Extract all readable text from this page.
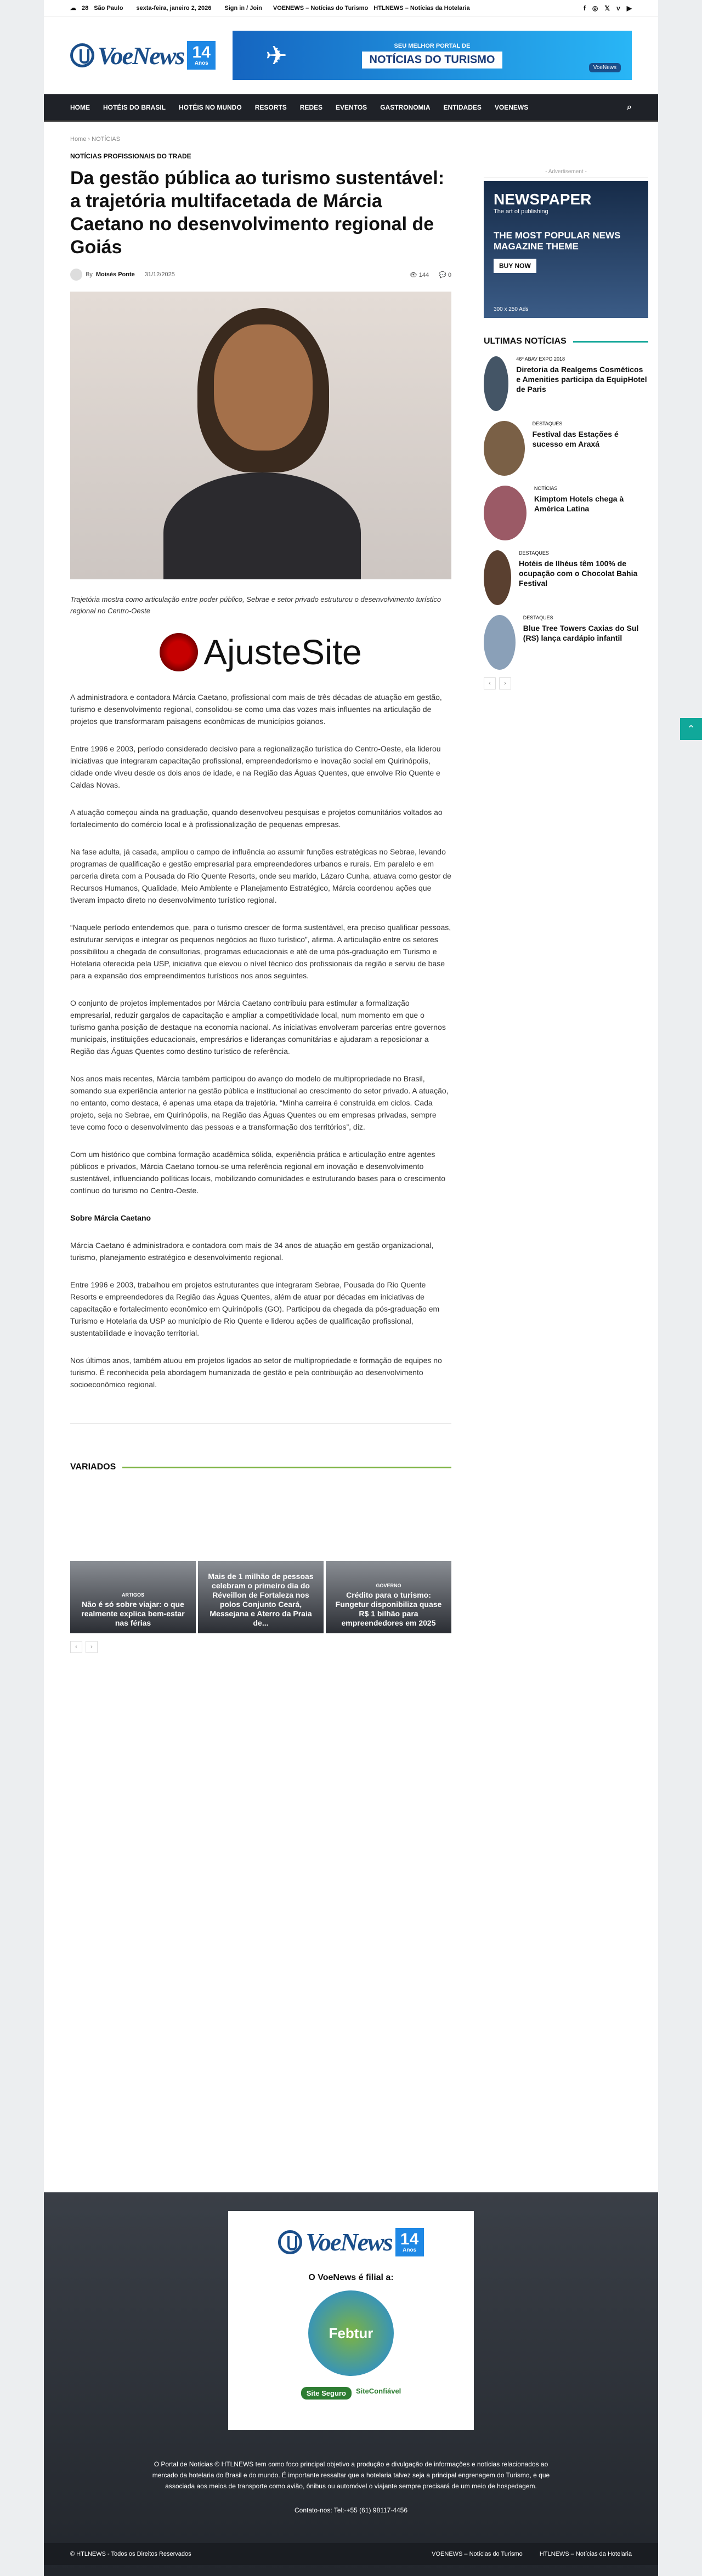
☁ 28 São Paulo sexta-feira, janeiro 2, 2026 Sign in / Join VOENEWS – Notícias do Turismo HTLNEWS – Notícias da Hotelaria	f ◎ 𝕏 v ▶
VoeNews 14
Anos ✈	SEU MELHOR PORTAL DE
NOTÍCIAS DO TURISMO
VoeNews
HOME HOTÉIS DO BRASIL HOTÉIS NO MUNDO RESORTS REDES EVENTOS GASTRONOMIA ENTIDADES VOENEWS	⌕
Home › NOTÍCIAS
NOTÍCIAS PROFISSIONAIS DO TRADE
Da gestão pública ao turismo sustentável: a trajetória multifacetada de Márcia Caetano no desenvolvimento regional de Goiás
By Moisés Ponte 31/12/2025	👁 144 💬 0
Trajetória mostra como articulação entre poder público, Sebrae e setor privado estruturou o desenvolvimento turístico regional no Centro-Oeste
AjusteSite

A administradora e contadora Márcia Caetano, profissional com mais de três décadas de atuação em gestão, turismo e desenvolvimento regional, consolidou-se como uma das vozes mais influentes na articulação de projetos que transformaram paisagens econômicas de municípios goianos.

Entre 1996 e 2003, período considerado decisivo para a regionalização turística do Centro-Oeste, ela liderou iniciativas que integraram capacitação profissional, empreendedorismo e inovação social em Quirinópolis, cidade onde viveu desde os dois anos de idade, e na Região das Águas Quentes, que envolve Rio Quente e Caldas Novas.

A atuação começou ainda na graduação, quando desenvolveu pesquisas e projetos comunitários voltados ao fortalecimento do comércio local e à profissionalização de pequenas empresas.

Na fase adulta, já casada, ampliou o campo de influência ao assumir funções estratégicas no Sebrae, levando programas de qualificação e gestão empresarial para empreendedores urbanos e rurais. Em paralelo e em parceria direta com a Pousada do Rio Quente Resorts, onde seu marido, Lázaro Cunha, atuava como gestor de Recursos Humanos, Qualidade, Meio Ambiente e Planejamento Estratégico, Márcia coordenou ações que tiveram impacto direto no desenvolvimento turístico regional.

“Naquele período entendemos que, para o turismo crescer de forma sustentável, era preciso qualificar pessoas, estruturar serviços e integrar os pequenos negócios ao fluxo turístico”, afirma. A articulação entre os setores possibilitou a chegada de consultorias, programas educacionais e até de uma pós-graduação em Turismo e Hotelaria oferecida pela USP, iniciativa que elevou o nível técnico dos profissionais da região e serviu de base para a expansão dos empreendimentos turísticos nos anos seguintes.

O conjunto de projetos implementados por Márcia Caetano contribuiu para estimular a formalização empresarial, reduzir gargalos de capacitação e ampliar a competitividade local, num momento em que o turismo ganha posição de destaque na economia nacional. As iniciativas envolveram parcerias entre governos municipais, instituições educacionais, empresários e lideranças comunitárias e ajudaram a reposicionar a Região das Águas Quentes como destino turístico de referência.

Nos anos mais recentes, Márcia também participou do avanço do modelo de multipropriedade no Brasil, somando sua experiência anterior na gestão pública e institucional ao crescimento do setor privado. A atuação, no entanto, como destaca, é apenas uma etapa da trajetória. “Minha carreira é construída em ciclos. Cada projeto, seja no Sebrae, em Quirinópolis, na Região das Águas Quentes ou em empresas privadas, sempre teve como foco o desenvolvimento das pessoas e a transformação dos territórios”, diz.

Com um histórico que combina formação acadêmica sólida, experiência prática e articulação entre agentes públicos e privados, Márcia Caetano tornou-se uma referência regional em inovação e desenvolvimento sustentável, influenciando políticas locais, mobilizando comunidades e estruturando bases para o crescimento contínuo do turismo no Centro-Oeste.

Sobre Márcia Caetano

Márcia Caetano é administradora e contadora com mais de 34 anos de atuação em gestão organizacional, turismo, planejamento estratégico e desenvolvimento regional.

Entre 1996 e 2003, trabalhou em projetos estruturantes que integraram Sebrae, Pousada do Rio Quente Resorts e empreendedores da Região das Águas Quentes, além de atuar por décadas em iniciativas de capacitação e fortalecimento econômico em Quirinópolis (GO). Participou da chegada da pós-graduação em Turismo e Hotelaria da USP ao município de Rio Quente e liderou ações de qualificação profissional, sustentabilidade e inovação territorial.

Nos últimos anos, também atuou em projetos ligados ao setor de multipropriedade e formação de equipes no turismo. É reconhecida pela abordagem humanizada de gestão e pela contribuição ao desenvolvimento socioeconômico regional.

VARIADOS
ARTIGOS
Não é só sobre viajar: o que realmente explica bem-estar nas férias
Mais de 1 milhão de pessoas celebram o primeiro dia do Réveillon de Fortaleza nos polos Conjunto Ceará, Messejana e Aterro da Praia de...
GOVERNO
Crédito para o turismo: Fungetur disponibiliza quase R$ 1 bilhão para empreendedores em 2025
‹	›
- Advertisement -
NEWSPAPER
The art of publishing
THE MOST POPULAR NEWS MAGAZINE THEME
BUY NOW
300 x 250 Ads
ULTIMAS NOTÍCIAS
46º ABAV EXPO 2018
Diretoria da Realgems Cosméticos e Amenities participa da EquipHotel de Paris
DESTAQUES
Festival das Estações é sucesso em Araxá
NOTÍCIAS
Kimptom Hotels chega à América Latina
DESTAQUES
Hotéis de Ilhéus têm 100% de ocupação com o Chocolat Bahia Festival
DESTAQUES
Blue Tree Towers Caxias do Sul (RS) lança cardápio infantil
‹	›
VoeNews 14
Anos
O VoeNews é filial a:
Febtur
Site Seguro	SiteConfiável

O Portal de Notícias © HTLNEWS tem como foco principal objetivo a produção e divulgação de informações e notícias relacionados ao mercado da hotelaria do Brasil e do mundo. É importante ressaltar que a hotelaria talvez seja a principal engrenagem do Turismo, e que associada aos meios de transporte como avião, ônibus ou automóvel o viajante sempre precisará de um meio de hospedagem.

Contato-nos: Tel:-+55 (61) 98117-4456

© HTLNEWS - Todos os Direitos Reservados	VOENEWS – Notícias do Turismo	HTLNEWS – Notícias da Hotelaria
⌃
